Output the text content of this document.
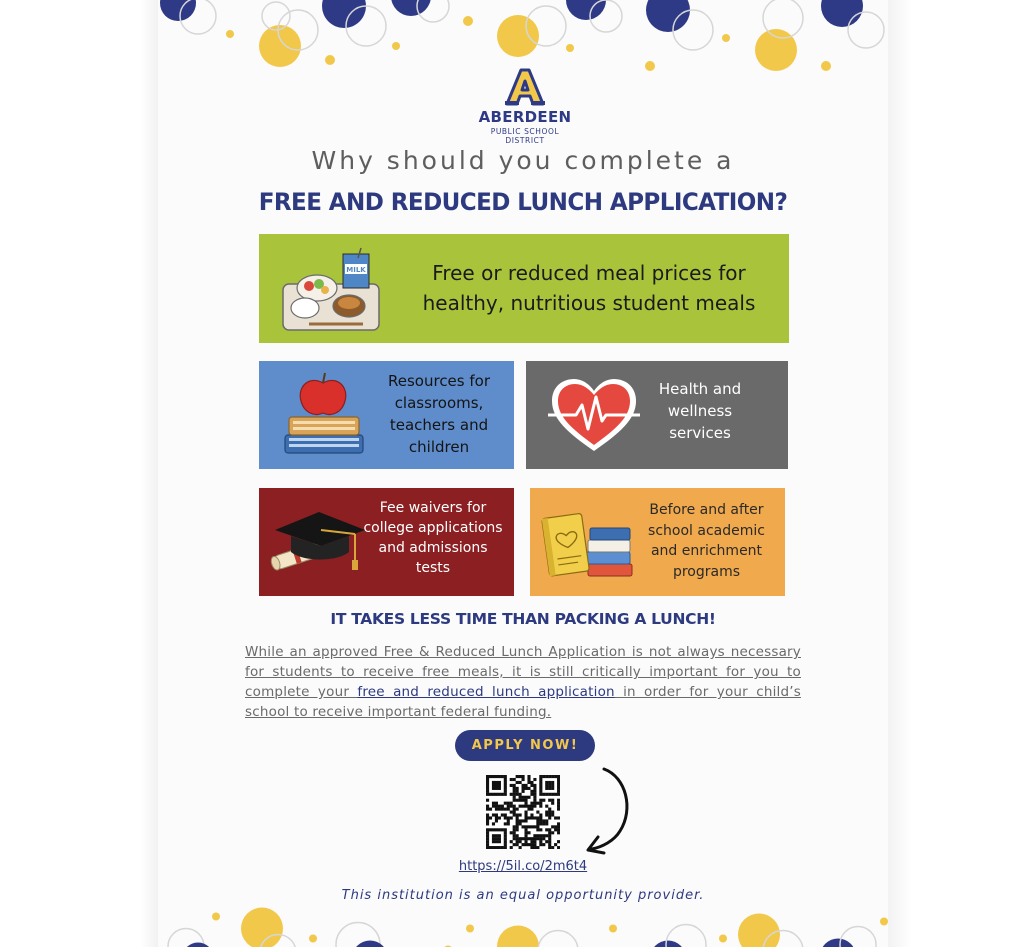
ABERDEEN
PUBLIC SCHOOL DISTRICT
Why should you complete a
FREE AND REDUCED LUNCH APPLICATION?
MILK	Free or reduced meal prices for healthy, nutritious student meals
Resources for classrooms, teachers and children
Health and wellness services
Fee waivers for college applications and admissions tests
Before and after school academic and enrichment programs
IT TAKES LESS TIME THAN PACKING A LUNCH!

While an approved Free & Reduced Lunch Application is not always necessary for students to receive free meals, it is still critically important for you to complete your free and reduced lunch application in order for your child’s school to receive important federal funding.

APPLY NOW!
https://5il.co/2m6t4
This institution is an equal opportunity provider.
